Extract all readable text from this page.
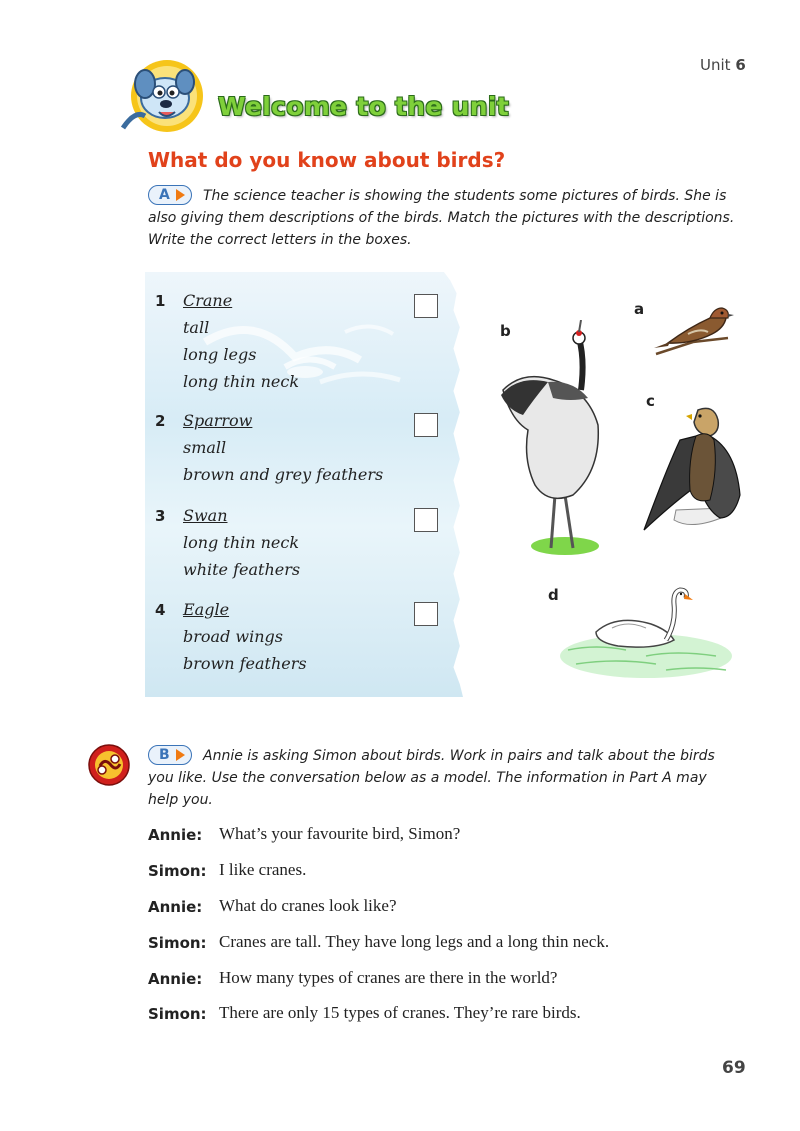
Unit 6
Welcome to the unit
What do you know about birds?
A The science teacher is showing the students some pictures of birds. She is
also giving them descriptions of the birds. Match the pictures with the descriptions.
Write the correct letters in the boxes.
1 Crane
tall
long legs
long thin neck
2 Sparrow
small
brown and grey feathers
3 Swan
long thin neck
white feathers
4 Eagle
broad wings
brown feathers
a
b
c
d
B Annie is asking Simon about birds. Work in pairs and talk about the birds
you like. Use the conversation below as a model. The information in Part A may
help you.
Annie: What’s your favourite bird, Simon?
Simon: I like cranes.
Annie: What do cranes look like?
Simon: Cranes are tall. They have long legs and a long thin neck.
Annie: How many types of cranes are there in the world?
Simon: There are only 15 types of cranes. They’re rare birds.
69
